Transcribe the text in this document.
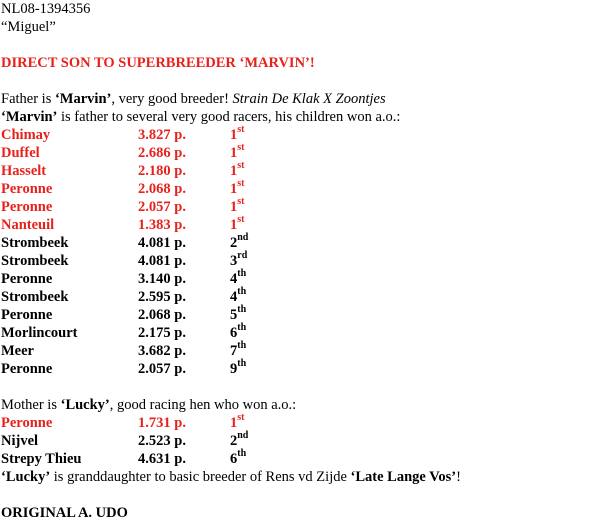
NL08-1394356
“Miguel”
DIRECT SON TO SUPERBREEDER ‘MARVIN’!
Father is ‘Marvin’, very good breeder! Strain De Klak X Zoontjes
‘Marvin’ is father to several very good racers, his children won a.o.:
Chimay	3.827 p.	1st
Duffel	2.686 p.	1st
Hasselt	2.180 p.	1st
Peronne	2.068 p.	1st
Peronne	2.057 p.	1st
Nanteuil	1.383 p.	1st
Strombeek	4.081 p.	2nd
Strombeek	4.081 p.	3rd
Peronne	3.140 p.	4th
Strombeek	2.595 p.	4th
Peronne	2.068 p.	5th
Morlincourt	2.175 p.	6th
Meer	3.682 p.	7th
Peronne	2.057 p.	9th
Mother is ‘Lucky’, good racing hen who won a.o.:
Peronne	1.731 p.	1st
Nijvel	2.523 p.	2nd
Strepy Thieu	4.631 p.	6th
‘Lucky’ is granddaughter to basic breeder of Rens vd Zijde ‘Late Lange Vos’!
ORIGINAL A. UDO
